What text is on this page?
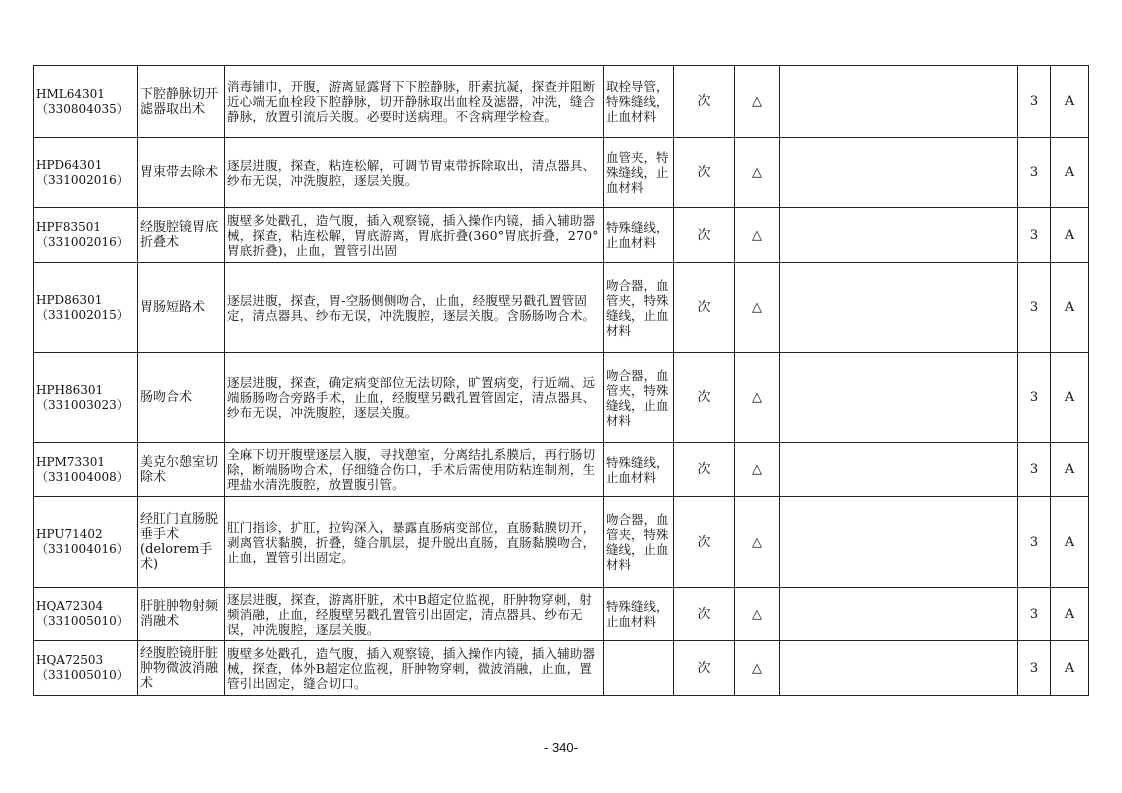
HML64301
（330804035）	下腔静脉切开滤器取出术	消毒铺巾，开腹，游离显露肾下下腔静脉，肝素抗凝，探查并阻断近心端无血栓段下腔静脉，切开静脉取出血栓及滤器，冲洗，缝合静脉，放置引流后关腹。必要时送病理。不含病理学检查。	取栓导管，特殊缝线，止血材料	次	△		3	A

HPD64301
（331002016）	胃束带去除术	逐层进腹，探查，粘连松解，可调节胃束带拆除取出，清点器具、纱布无误，冲洗腹腔，逐层关腹。	血管夹，特殊缝线，止血材料	次	△		3	A

HPF83501
（331002016）	经腹腔镜胃底折叠术	腹壁多处戳孔，造气腹，插入观察镜，插入操作内镜，插入辅助器械，探查，粘连松解，胃底游离，胃底折叠(360°胃底折叠，270°胃底折叠)，止血，置管引出固	特殊缝线，止血材料	次	△		3	A

HPD86301
（331002015）	胃肠短路术	逐层进腹，探查，胃-空肠侧侧吻合，止血，经腹壁另戳孔置管固定，清点器具、纱布无误，冲洗腹腔，逐层关腹。含肠肠吻合术。	吻合器，血管夹，特殊缝线，止血材料	次	△		3	A

HPH86301
（331003023）	肠吻合术	逐层进腹，探查，确定病变部位无法切除，旷置病变，行近端、远端肠肠吻合旁路手术，止血，经腹壁另戳孔置管固定，清点器具、纱布无误，冲洗腹腔，逐层关腹。	吻合器，血管夹，特殊缝线，止血材料	次	△		3	A

HPM73301
（331004008）	美克尔憩室切除术	全麻下切开腹壁逐层入腹，寻找憩室，分离结扎系膜后，再行肠切除，断端肠吻合术，仔细缝合伤口，手术后需使用防粘连制剂，生理盐水清洗腹腔，放置腹引管。	特殊缝线，止血材料	次	△		3	A

HPU71402
（331004016）	经肛门直肠脱垂手术(delorem手术)	肛门指诊，扩肛，拉钩深入，暴露直肠病变部位，直肠黏膜切开，剥离管状黏膜，折叠，缝合肌层，提升脱出直肠，直肠黏膜吻合，止血，置管引出固定。	吻合器，血管夹，特殊缝线，止血材料	次	△		3	A

HQA72304
（331005010）	肝脏肿物射频消融术	逐层进腹，探查，游离肝脏，术中B超定位监视，肝肿物穿刺，射频消融，止血，经腹壁另戳孔置管引出固定，清点器具、纱布无误，冲洗腹腔，逐层关腹。	特殊缝线，止血材料	次	△		3	A

HQA72503
（331005010）	经腹腔镜肝脏肿物微波消融术	腹壁多处戳孔，造气腹，插入观察镜，插入操作内镜，插入辅助器械，探查，体外B超定位监视，肝肿物穿刺，微波消融，止血，置管引出固定，缝合切口。		次	△		3	A
- 340-
